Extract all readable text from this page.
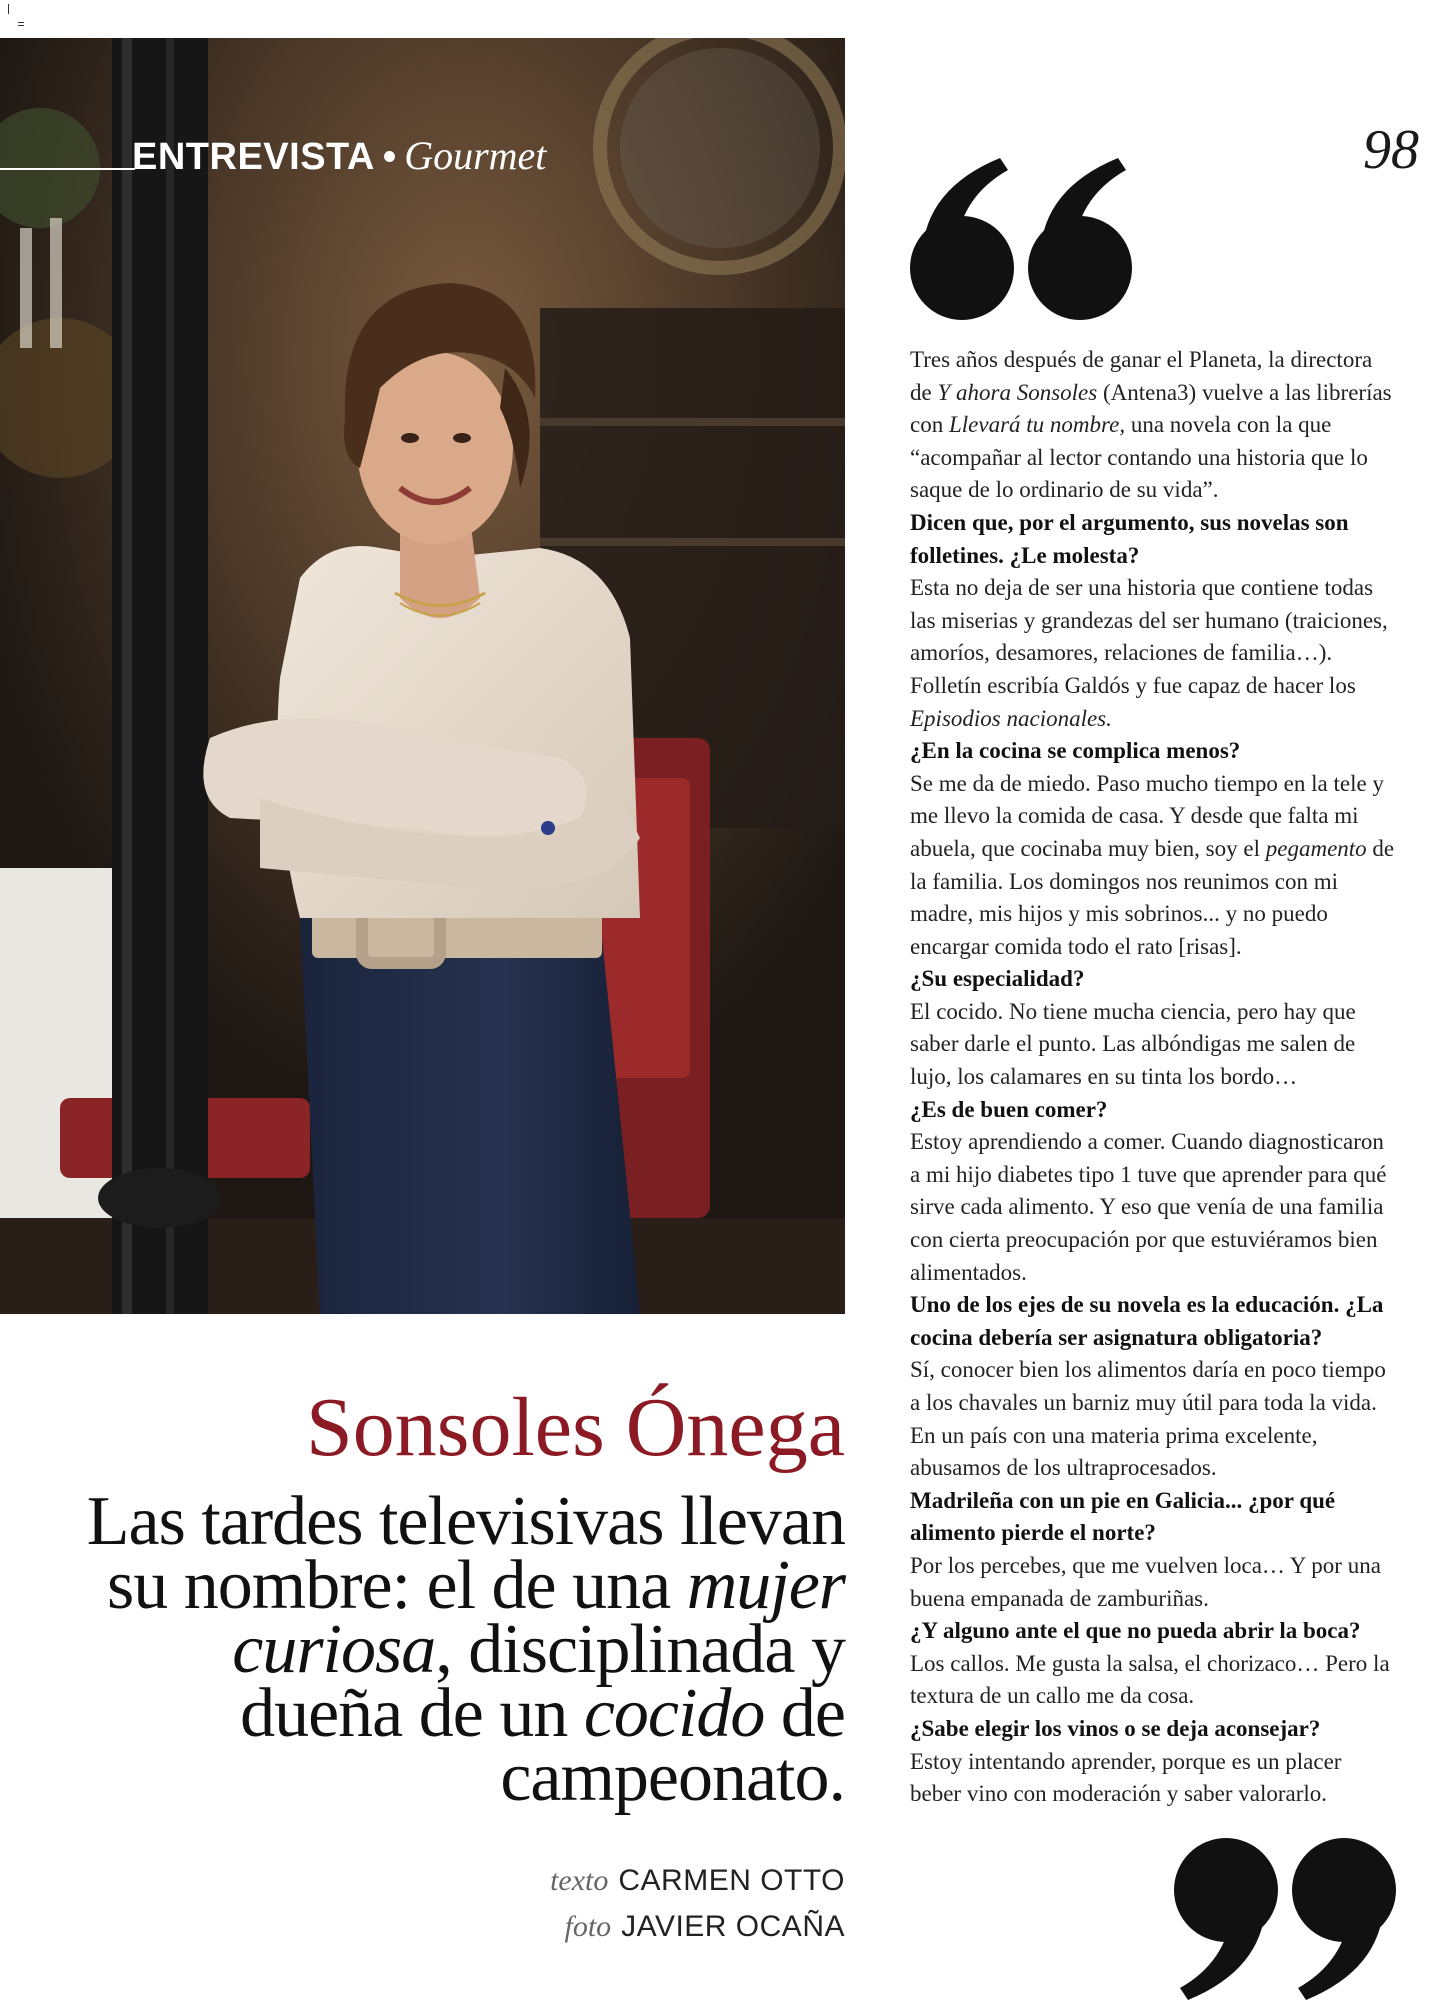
ENTREVISTA • Gourmet	98

Tres años después de ganar el Planeta, la directora de Y ahora Sonsoles (Antena3) vuelve a las librerías con Llevará tu nombre, una novela con la que “acompañar al lector contando una historia que lo saque de lo ordinario de su vida”.

Dicen que, por el argumento, sus novelas son folletines. ¿Le molesta?

Esta no deja de ser una historia que contiene todas las miserias y grandezas del ser humano (traiciones, amoríos, desamores, relaciones de familia…). Folletín escribía Galdós y fue capaz de hacer los Episodios nacionales.

¿En la cocina se complica menos?

Se me da de miedo. Paso mucho tiempo en la tele y me llevo la comida de casa. Y desde que falta mi abuela, que cocinaba muy bien, soy el pegamento de la familia. Los domingos nos reunimos con mi madre, mis hijos y mis sobrinos... y no puedo encargar comida todo el rato [risas].

¿Su especialidad?

El cocido. No tiene mucha ciencia, pero hay que saber darle el punto. Las albóndigas me salen de lujo, los calamares en su tinta los bordo…

¿Es de buen comer?

Estoy aprendiendo a comer. Cuando diagnosticaron a mi hijo diabetes tipo 1 tuve que aprender para qué sirve cada alimento. Y eso que venía de una familia con cierta preocupación por que estuviéramos bien alimentados.

Uno de los ejes de su novela es la educación. ¿La cocina debería ser asignatura obligatoria?

Sí, conocer bien los alimentos daría en poco tiempo a los chavales un barniz muy útil para toda la vida. En un país con una materia prima excelente, abusamos de los ultraprocesados.

Madrileña con un pie en Galicia... ¿por qué alimento pierde el norte?

Por los percebes, que me vuelven loca… Y por una buena empanada de zamburiñas.

¿Y alguno ante el que no pueda abrir la boca?

Los callos. Me gusta la salsa, el chorizaco… Pero la textura de un callo me da cosa.

¿Sabe elegir los vinos o se deja aconsejar?

Estoy intentando aprender, porque es un placer beber vino con moderación y saber valorarlo.

Sonsoles Ónega
Las tardes televisivas llevan su nombre: el de una mujer curiosa, disciplinada y dueña de un cocido de campeonato.
texto CARMEN OTTO
foto JAVIER OCAÑA
